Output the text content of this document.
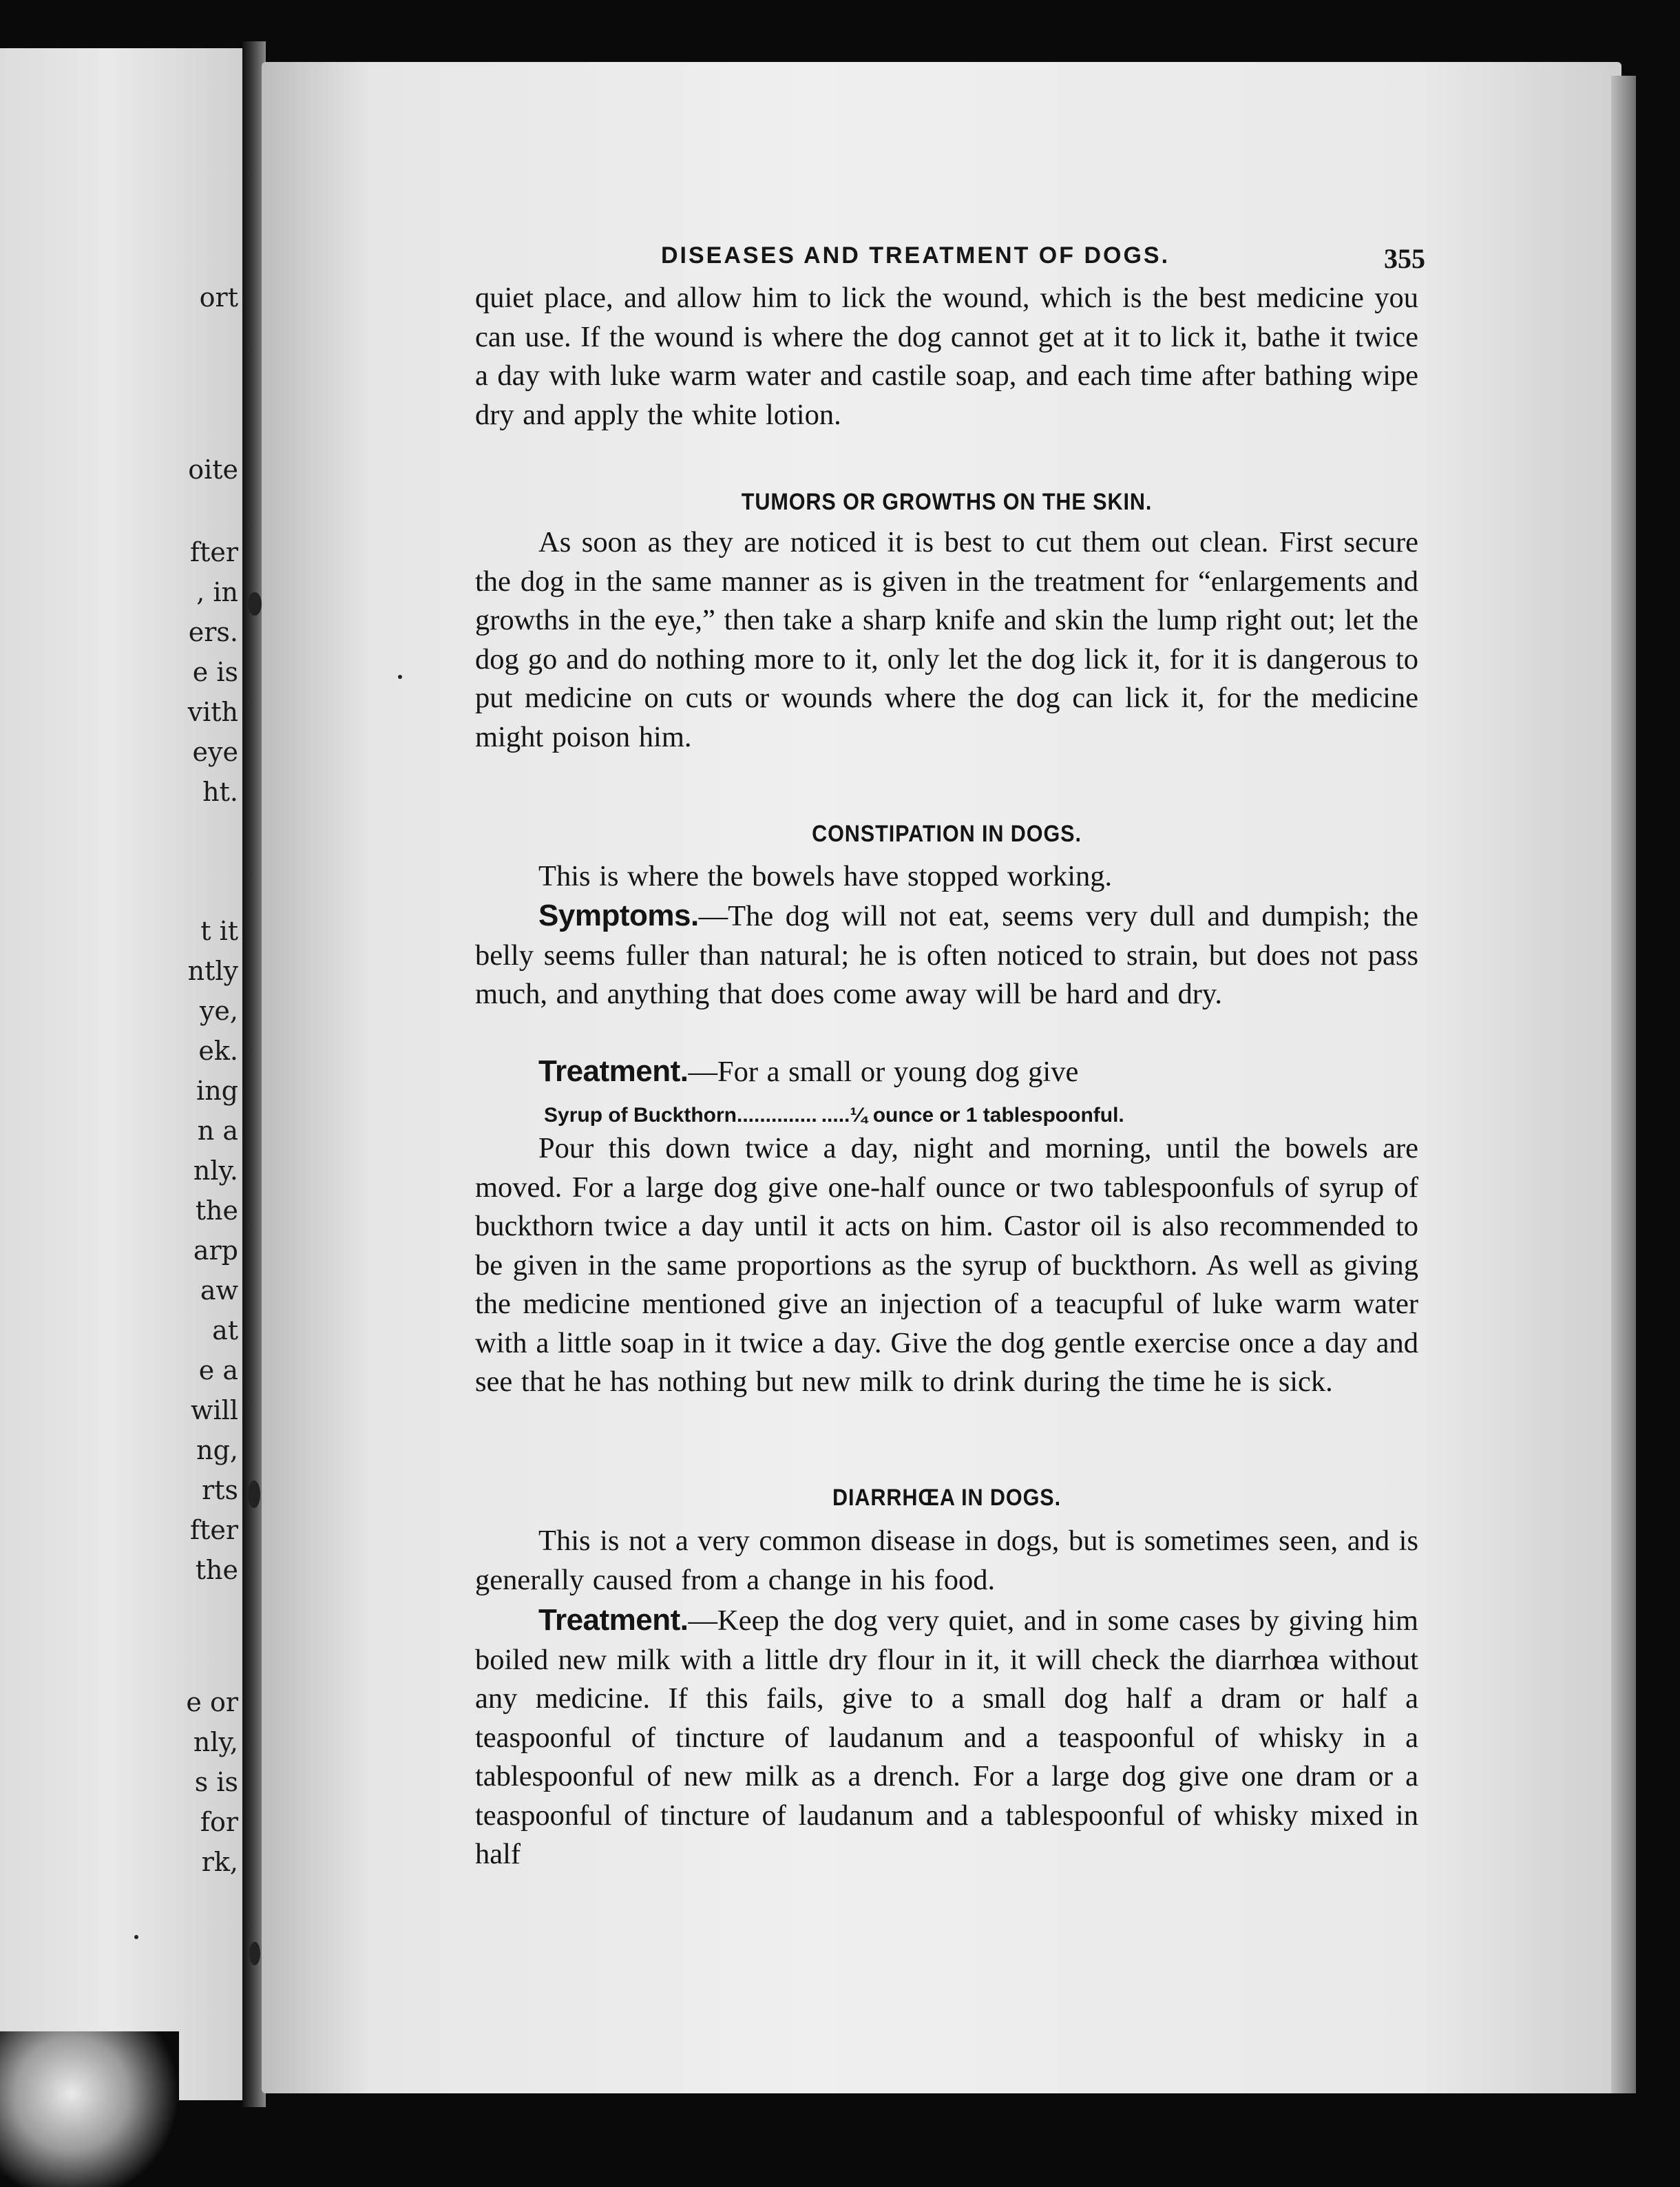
ort
oite
fter
, in
ers.
e is
vith
eye
ht.
t it
ntly
ye,
ek.
ing
n a
nly.
the
arp
aw
at
e a
will
ng,
rts
fter
the
e or
nly,
s is
for
rk,
DISEASES AND TREATMENT OF DOGS.	355

quiet place, and allow him to lick the wound, which is the best medicine you can use. If the wound is where the dog cannot get at it to lick it, bathe it twice a day with luke warm water and castile soap, and each time after bathing wipe dry and apply the white lotion.

TUMORS OR GROWTHS ON THE SKIN.

As soon as they are noticed it is best to cut them out clean. First secure the dog in the same manner as is given in the treatment for “enlargements and growths in the eye,” then take a sharp knife and skin the lump right out; let the dog go and do nothing more to it, only let the dog lick it, for it is dangerous to put medicine on cuts or wounds where the dog can lick it, for the medicine might poison him.

CONSTIPATION IN DOGS.

This is where the bowels have stopped working.

Symptoms.—The dog will not eat, seems very dull and dumpish; the belly seems fuller than natural; he is often noticed to strain, but does not pass much, and anything that does come away will be hard and dry.

Treatment.—For a small or young dog give

Syrup of Buckthorn.............. .....¼ ounce or 1 tablespoonful.

Pour this down twice a day, night and morning, until the bowels are moved. For a large dog give one-half ounce or two tablespoonfuls of syrup of buckthorn twice a day until it acts on him. Castor oil is also recommended to be given in the same proportions as the syrup of buckthorn. As well as giving the medicine mentioned give an injection of a teacupful of luke warm water with a little soap in it twice a day. Give the dog gentle exercise once a day and see that he has nothing but new milk to drink during the time he is sick.

DIARRHŒA IN DOGS.

This is not a very common disease in dogs, but is sometimes seen, and is generally caused from a change in his food.

Treatment.—Keep the dog very quiet, and in some cases by giving him boiled new milk with a little dry flour in it, it will check the diarrhœa without any medicine. If this fails, give to a small dog half a dram or half a teaspoonful of tincture of laudanum and a teaspoonful of whisky in a tablespoonful of new milk as a drench. For a large dog give one dram or a teaspoonful of tincture of laudanum and a tablespoonful of whisky mixed in half
